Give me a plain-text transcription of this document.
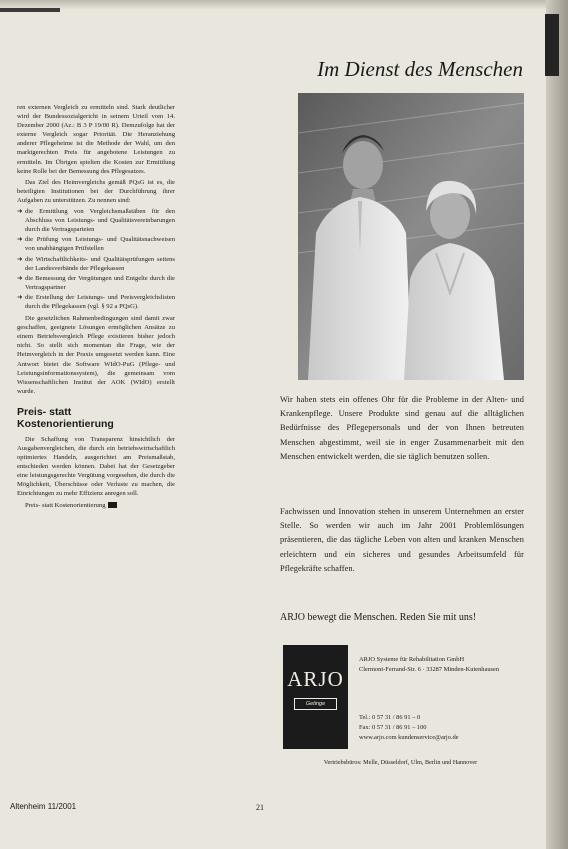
ren externen Vergleich zu ermitteln sind. Stark deutlicher wird der Bundessozialgericht in seinem Urteil vom 14. Dezember 2000 (Az.: B 3 P 19/00 R). Demzufolge hat der externe Vergleich sogar Priorität. Die Heranziehung anderer Pflegeheime ist die Methode der Wahl, um den marktgerechten Preis für angebotene Leistungen zu ermitteln. Im Übrigen spielten die Kosten zur Ermittlung keine Rolle bei der Bemessung des Pflegesatzes.

Das Ziel des Heimvergleichs gemäß PQsG ist es, die beteiligten Institutionen bei der Durchführung ihrer Aufgaben zu unterstützen. Zu nennen sind:

➜ die Ermittlung von Vergleichsmaßstäben für den Abschluss von Leistungs- und Qualitätsvereinbarungen durch die Vertragsparteien
➜ die Prüfung von Leistungs- und Qualitätsnachweisen von unabhängigen Prüfstellen
➜ die Wirtschaftlichkeits- und Qualitätsprüfungen seitens der Landesverbände der Pflegekassen
➜ die Bemessung der Vergütungen und Entgelte durch die Vertragspartner
➜ die Erstellung der Leistungs- und Preisvergleichslisten durch die Pflegekassen (vgl. § 92 a PQsG).

Die gesetzlichen Rahmenbedingungen sind damit zwar geschaffen, geeignete Lösungen ermöglichen Ansätze zu einem Betriebsvergleich Pflege existieren bisher jedoch nicht. So stellt sich momentan die Frage, wie der Heimvergleich in der Praxis umgesetzt werden kann. Eine Antwort bietet die Software WIdO-PuG (Pflege- und Leistungsinformationssystem), die gemeinsam vom Wissenschaftlichen Institut der AOK (WIdO) erstellt wurde.

Preis- statt
Kostenorientierung

Die Schaffung von Transparenz hinsichtlich der Ausgabenvergleichen, die durch ein betriebswirtschaftlich optimiertes Handeln, ausgerichtet am Preismaßstab, entschieden werden können. Dabei hat der Gesetzgeber eine leistungsgerechte Vergütung vorgesehen, die durch die Möglichkeit, Überschüsse oder Verluste zu machen, die Einrichtungen zu mehr Effizienz anregen soll.

Preis- statt Kostenorientierung

Im Dienst des Menschen

Wir haben stets ein offenes Ohr für die Probleme in der Alten- und Krankenpflege. Unsere Produkte sind genau auf die alltäglichen Bedürfnisse des Pflegepersonals und der von Ihnen betreuten Menschen abgestimmt, weil sie in enger Zusammenarbeit mit den Menschen entwickelt werden, die sie täglich benutzen sollen.

Fachwissen und Innovation stehen in unserem Unternehmen an erster Stelle. So werden wir auch im Jahr 2001 Problemlösungen präsentieren, die das tägliche Leben von alten und kranken Menschen erleichtern und ein sicheres und gesundes Arbeitsumfeld für Pflegekräfte schaffen.

ARJO bewegt die Menschen. Reden Sie mit uns!

ARJO
Getinge
ARJO Systeme für Rehabilitation GmbH
Clermont-Ferrand-Str. 6 · 33287 Minden-Kutenhausen
Tel.: 0 57 31 / 86 91 – 0
Fax: 0 57 31 / 86 91 – 100
www.arjo.com kundenservice@arjo.de
Vertriebsbüros: Melle, Düsseldorf, Ulm, Berlin und Hannover
Altenheim 11/2001	21
